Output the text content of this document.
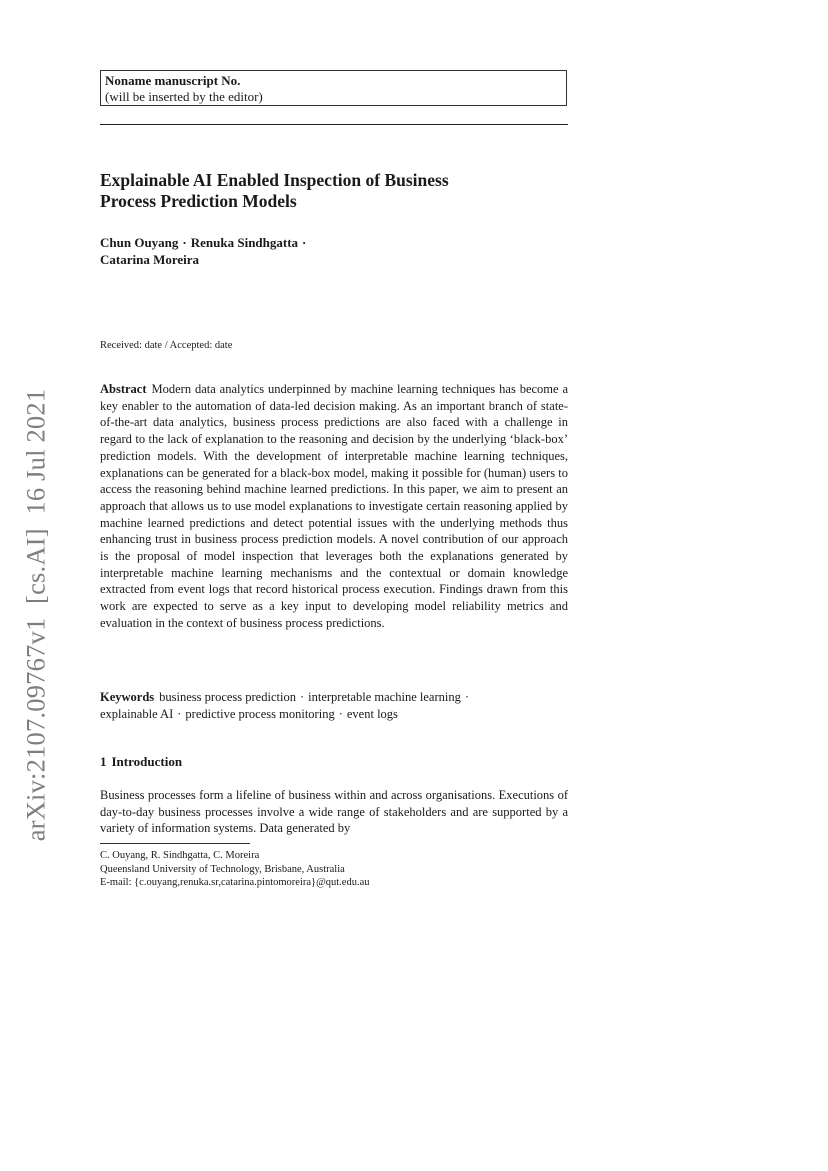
Noname manuscript No.
(will be inserted by the editor)
Explainable AI Enabled Inspection of Business
Process Prediction Models
Chun Ouyang · Renuka Sindhgatta ·
Catarina Moreira
Received: date / Accepted: date

Abstract Modern data analytics underpinned by machine learning techniques has become a key enabler to the automation of data-led decision making. As an important branch of state-of-the-art data analytics, business process predictions are also faced with a challenge in regard to the lack of explanation to the reasoning and decision by the underlying ‘black-box’ prediction models. With the development of interpretable machine learning techniques, explanations can be generated for a black-box model, making it possible for (human) users to access the reasoning behind machine learned predictions. In this paper, we aim to present an approach that allows us to use model explanations to investigate certain reasoning applied by machine learned predictions and detect potential issues with the underlying methods thus enhancing trust in business process prediction models. A novel contribution of our approach is the proposal of model inspection that leverages both the explanations generated by interpretable machine learning mechanisms and the contextual or domain knowledge extracted from event logs that record historical process execution. Findings drawn from this work are expected to serve as a key input to developing model reliability metrics and evaluation in the context of business process predictions.

Keywords business process prediction · interpretable machine learning ·
explainable AI · predictive process monitoring · event logs

1 Introduction

Business processes form a lifeline of business within and across organisations. Executions of day-to-day business processes involve a wide range of stakeholders and are supported by a variety of information systems. Data generated by

C. Ouyang, R. Sindhgatta, C. Moreira
Queensland University of Technology, Brisbane, Australia
E-mail: {c.ouyang,renuka.sr,catarina.pintomoreira}@qut.edu.au
arXiv:2107.09767v1  [cs.AI]  16 Jul 2021
